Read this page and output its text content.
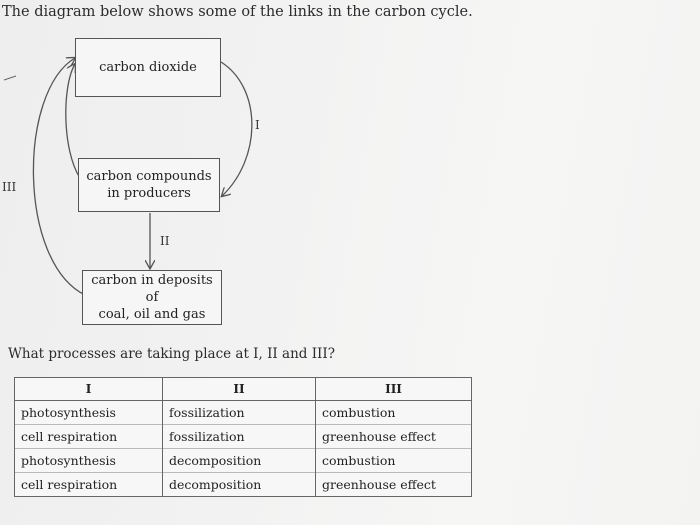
The diagram below shows some of the links in the carbon cycle.
carbon dioxide
carbon compounds
in producers
carbon in deposits of
coal, oil and gas
I
II
III
What processes are taking place at I, II and III?
I	II	III
photosynthesis	fossilization	combustion
cell respiration	fossilization	greenhouse effect
photosynthesis	decomposition	combustion
cell respiration	decomposition	greenhouse effect
